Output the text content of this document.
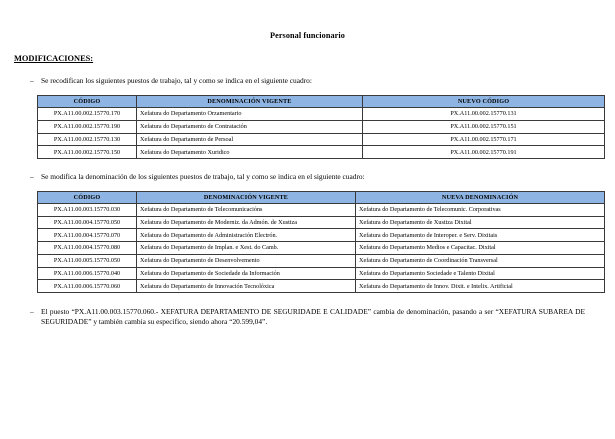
Personal funcionario
MODIFICACIONES:
– Se recodifican los siguientes puestos de trabajo, tal y como se indica en el siguiente cuadro:
CÓDIGO	DENOMINACIÓN VIGENTE	NUEVO CÓDIGO
PX.A11.00.002.15770.170	Xefatura do Departamento Orzamentario	PX.A11.00.002.15770.131
PX.A11.00.002.15770.190	Xefatura do Departamento de Contratación	PX.A11.00.002.15770.151
PX.A11.00.002.15770.130	Xefatura do Departamento de Persoal	PX.A11.00.002.15770.171
PX.A11.00.002.15770.150	Xefatura do Departamento Xuridico	PX.A11.00.002.15770.191
– Se modifica la denominación de los siguientes puestos de trabajo, tal y como se indica en el siguiente cuadro:
CÓDIGO	DENOMINACIÓN VIGENTE	NUEVA DENOMINACIÓN
PX.A11.00.003.15770.030	Xefatura do Departamento de Telecomunicacións	Xefatura do Departamento de Telecomunic. Corporativas
PX.A11.00.004.15770.050	Xefatura do Departamento de Moderniz. da Admón. de Xustiza	Xefatura do Departamento de Xustiza Dixital
PX.A11.00.004.15770.070	Xefatura do Departamento de Administración Electrón.	Xefatura do Departamento de Interoper. e Serv. Dixitais
PX.A11.00.004.15770.080	Xefatura do Departamento de Implan. e Xest. do Camb.	Xefatura do Departamento Medios e Capacitac. Dixital
PX.A11.00.005.15770.050	Xefatura do Departamento de Desenvolvemento	Xefatura do Departamento de Coordinación Transversal
PX.A11.00.006.15770.040	Xefatura do Departamento de Sociedade da Información	Xefatura do Departamento Sociedade e Talento Dixital
PX.A11.00.006.15770.060	Xefatura do Departamento de Innovación Tecnolóxica	Xefatura do Departamento de Innov. Dixit. e Intelix. Artificial
– El puesto “PX.A11.00.003.15770.060.- XEFATURA DEPARTAMENTO DE SEGURIDADE E CALIDADE” cambia de denominación, pasando a ser “XEFATURA SUBAREA DE SEGURIDADE” y también cambia su especifico, siendo ahora “20.599,04”.
